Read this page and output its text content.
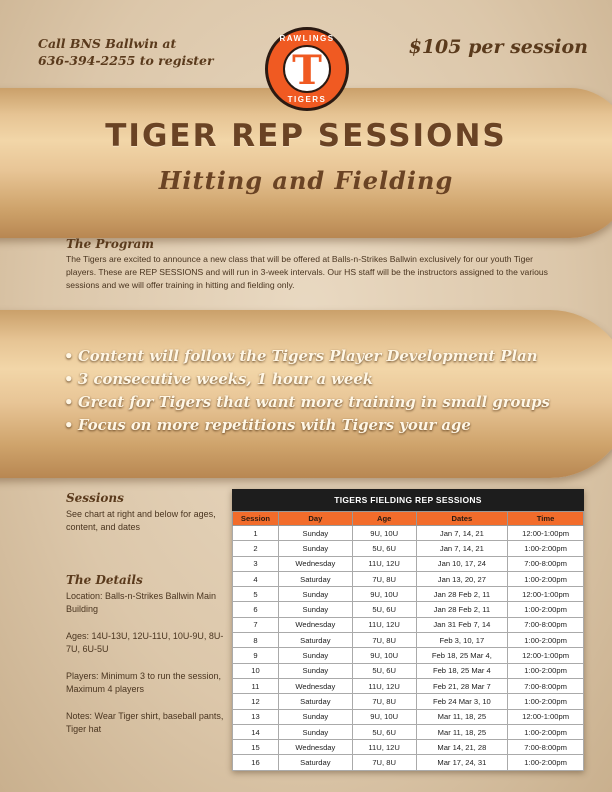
Call BNS Ballwin at
636-394-2255 to register
RAWLINGS
T
TIGERS
$105 per session
TIGER REP SESSIONS
Hitting and Fielding
The Program
The Tigers are excited to announce a new class that will be offered at Balls-n-Strikes Ballwin exclusively for our youth Tiger players. These are REP SESSIONS and will run in 3-week intervals. Our HS staff will be the instructors assigned to the various sessions and we will offer training in hitting and fielding only.
• Content will follow the Tigers Player Development Plan
• 3 consecutive weeks, 1 hour a week
• Great for Tigers that want more training in small groups
• Focus on more repetitions with Tigers your age
Sessions
See chart at right and below for ages, content, and dates
The Details
Location: Balls-n-Strikes Ballwin Main Building
Ages: 14U-13U, 12U-11U, 10U-9U, 8U-7U, 6U-5U
Players: Minimum 3 to run the session, Maximum 4 players
Notes: Wear Tiger shirt, baseball pants, Tiger hat
TIGERS FIELDING REP SESSIONS
Session	Day	Age	Dates	Time
1	Sunday	9U, 10U	Jan 7, 14, 21	12:00-1:00pm
2	Sunday	5U, 6U	Jan 7, 14, 21	1:00-2:00pm
3	Wednesday	11U, 12U	Jan 10, 17, 24	7:00-8:00pm
4	Saturday	7U, 8U	Jan 13, 20, 27	1:00-2:00pm
5	Sunday	9U, 10U	Jan 28 Feb 2, 11	12:00-1:00pm
6	Sunday	5U, 6U	Jan 28 Feb 2, 11	1:00-2:00pm
7	Wednesday	11U, 12U	Jan 31 Feb 7, 14	7:00-8:00pm
8	Saturday	7U, 8U	Feb 3, 10, 17	1:00-2:00pm
9	Sunday	9U, 10U	Feb 18, 25 Mar 4,	12:00-1:00pm
10	Sunday	5U, 6U	Feb 18, 25 Mar 4	1:00-2:00pm
11	Wednesday	11U, 12U	Feb 21, 28 Mar 7	7:00-8:00pm
12	Saturday	7U, 8U	Feb 24 Mar 3, 10	1:00-2:00pm
13	Sunday	9U, 10U	Mar 11, 18, 25	12:00-1:00pm
14	Sunday	5U, 6U	Mar 11, 18, 25	1:00-2:00pm
15	Wednesday	11U, 12U	Mar 14, 21, 28	7:00-8:00pm
16	Saturday	7U, 8U	Mar 17, 24, 31	1:00-2:00pm
